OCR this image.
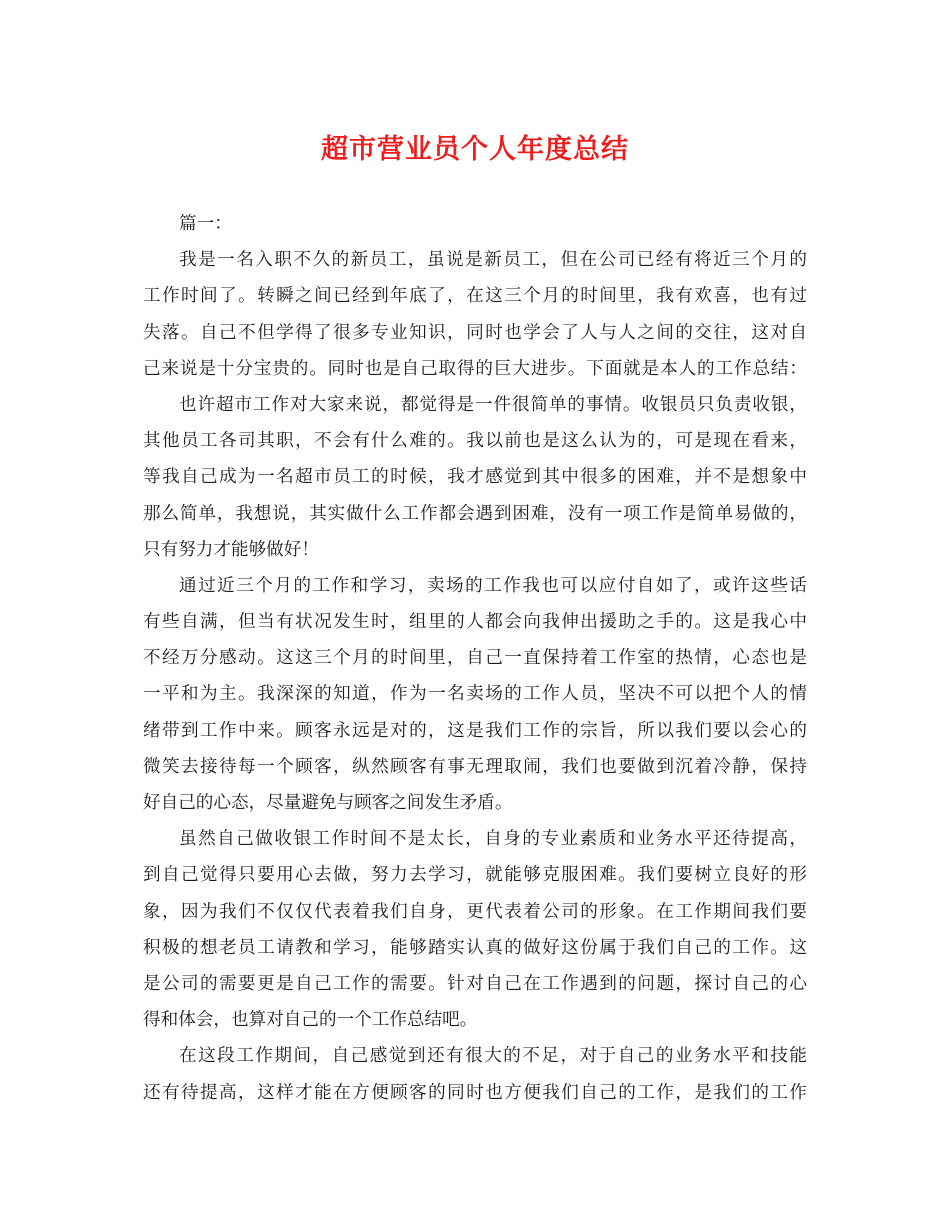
超市营业员个人年度总结
篇一：
我是一名入职不久的新员工，虽说是新员工，但在公司已经有将近三个月的
工作时间了。转瞬之间已经到年底了，在这三个月的时间里，我有欢喜，也有过
失落。自己不但学得了很多专业知识，同时也学会了人与人之间的交往，这对自
己来说是十分宝贵的。同时也是自己取得的巨大进步。下面就是本人的工作总结：
也许超市工作对大家来说，都觉得是一件很简单的事情。收银员只负责收银，
其他员工各司其职，不会有什么难的。我以前也是这么认为的，可是现在看来，
等我自己成为一名超市员工的时候，我才感觉到其中很多的困难，并不是想象中
那么简单，我想说，其实做什么工作都会遇到困难，没有一项工作是简单易做的，
只有努力才能够做好！
通过近三个月的工作和学习，卖场的工作我也可以应付自如了，或许这些话
有些自满，但当有状况发生时，组里的人都会向我伸出援助之手的。这是我心中
不经万分感动。这这三个月的时间里，自己一直保持着工作室的热情，心态也是
一平和为主。我深深的知道，作为一名卖场的工作人员，坚决不可以把个人的情
绪带到工作中来。顾客永远是对的，这是我们工作的宗旨，所以我们要以会心的
微笑去接待每一个顾客，纵然顾客有事无理取闹，我们也要做到沉着冷静，保持
好自己的心态，尽量避免与顾客之间发生矛盾。
虽然自己做收银工作时间不是太长，自身的专业素质和业务水平还待提高，
到自己觉得只要用心去做，努力去学习，就能够克服困难。我们要树立良好的形
象，因为我们不仅仅代表着我们自身，更代表着公司的形象。在工作期间我们要
积极的想老员工请教和学习，能够踏实认真的做好这份属于我们自己的工作。这
是公司的需要更是自己工作的需要。针对自己在工作遇到的问题，探讨自己的心
得和体会，也算对自己的一个工作总结吧。
在这段工作期间，自己感觉到还有很大的不足，对于自己的业务水平和技能
还有待提高，这样才能在方便顾客的同时也方便我们自己的工作，是我们的工作
